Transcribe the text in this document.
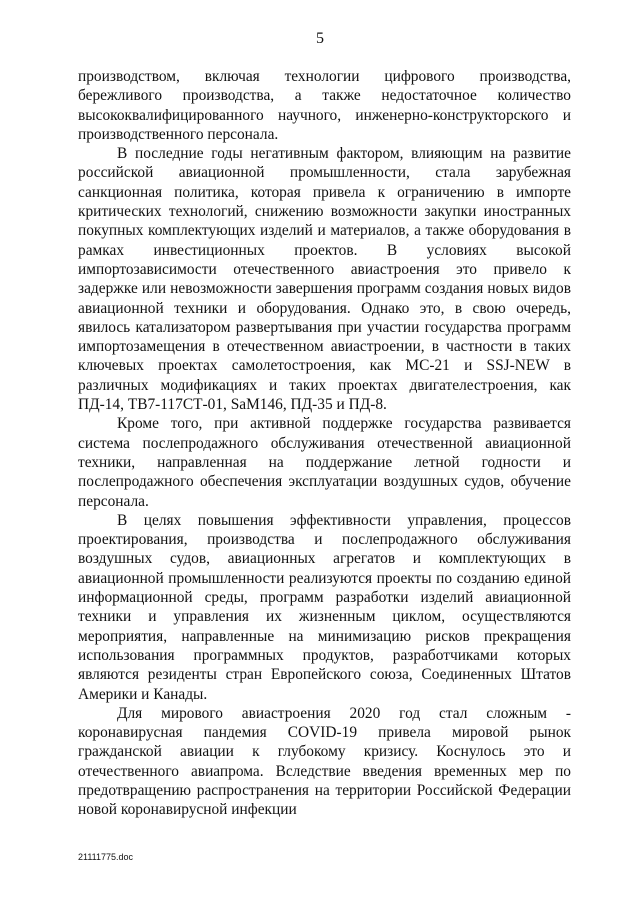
5

производством, включая технологии цифрового производства, бережливого производства, а также недостаточное количество высококвалифицированного научного, инженерно-конструкторского и производственного персонала.

В последние годы негативным фактором, влияющим на развитие российской авиационной промышленности, стала зарубежная санкционная политика, которая привела к ограничению в импорте критических технологий, снижению возможности закупки иностранных покупных комплектующих изделий и материалов, а также оборудования в рамках инвестиционных проектов. В условиях высокой импортозависимости отечественного авиастроения это привело к задержке или невозможности завершения программ создания новых видов авиационной техники и оборудования. Однако это, в свою очередь, явилось катализатором развертывания при участии государства программ импортозамещения в отечественном авиастроении, в частности в таких ключевых проектах самолетостроения, как МС-21 и SSJ-NEW в различных модификациях и таких проектах двигателестроения, как ПД-14, ТВ7-117СТ-01, SaM146, ПД-35 и ПД-8.

Кроме того, при активной поддержке государства развивается система послепродажного обслуживания отечественной авиационной техники, направленная на поддержание летной годности и послепродажного обеспечения эксплуатации воздушных судов, обучение персонала.

В целях повышения эффективности управления, процессов проектирования, производства и послепродажного обслуживания воздушных судов, авиационных агрегатов и комплектующих в авиационной промышленности реализуются проекты по созданию единой информационной среды, программ разработки изделий авиационной техники и управления их жизненным циклом, осуществляются мероприятия, направленные на минимизацию рисков прекращения использования программных продуктов, разработчиками которых являются резиденты стран Европейского союза, Соединенных Штатов Америки и Канады.

Для мирового авиастроения 2020 год стал сложным - коронавирусная пандемия COVID-19 привела мировой рынок гражданской авиации к глубокому кризису. Коснулось это и отечественного авиапрома. Вследствие введения временных мер по предотвращению распространения на территории Российской Федерации новой коронавирусной инфекции

21111775.doc
